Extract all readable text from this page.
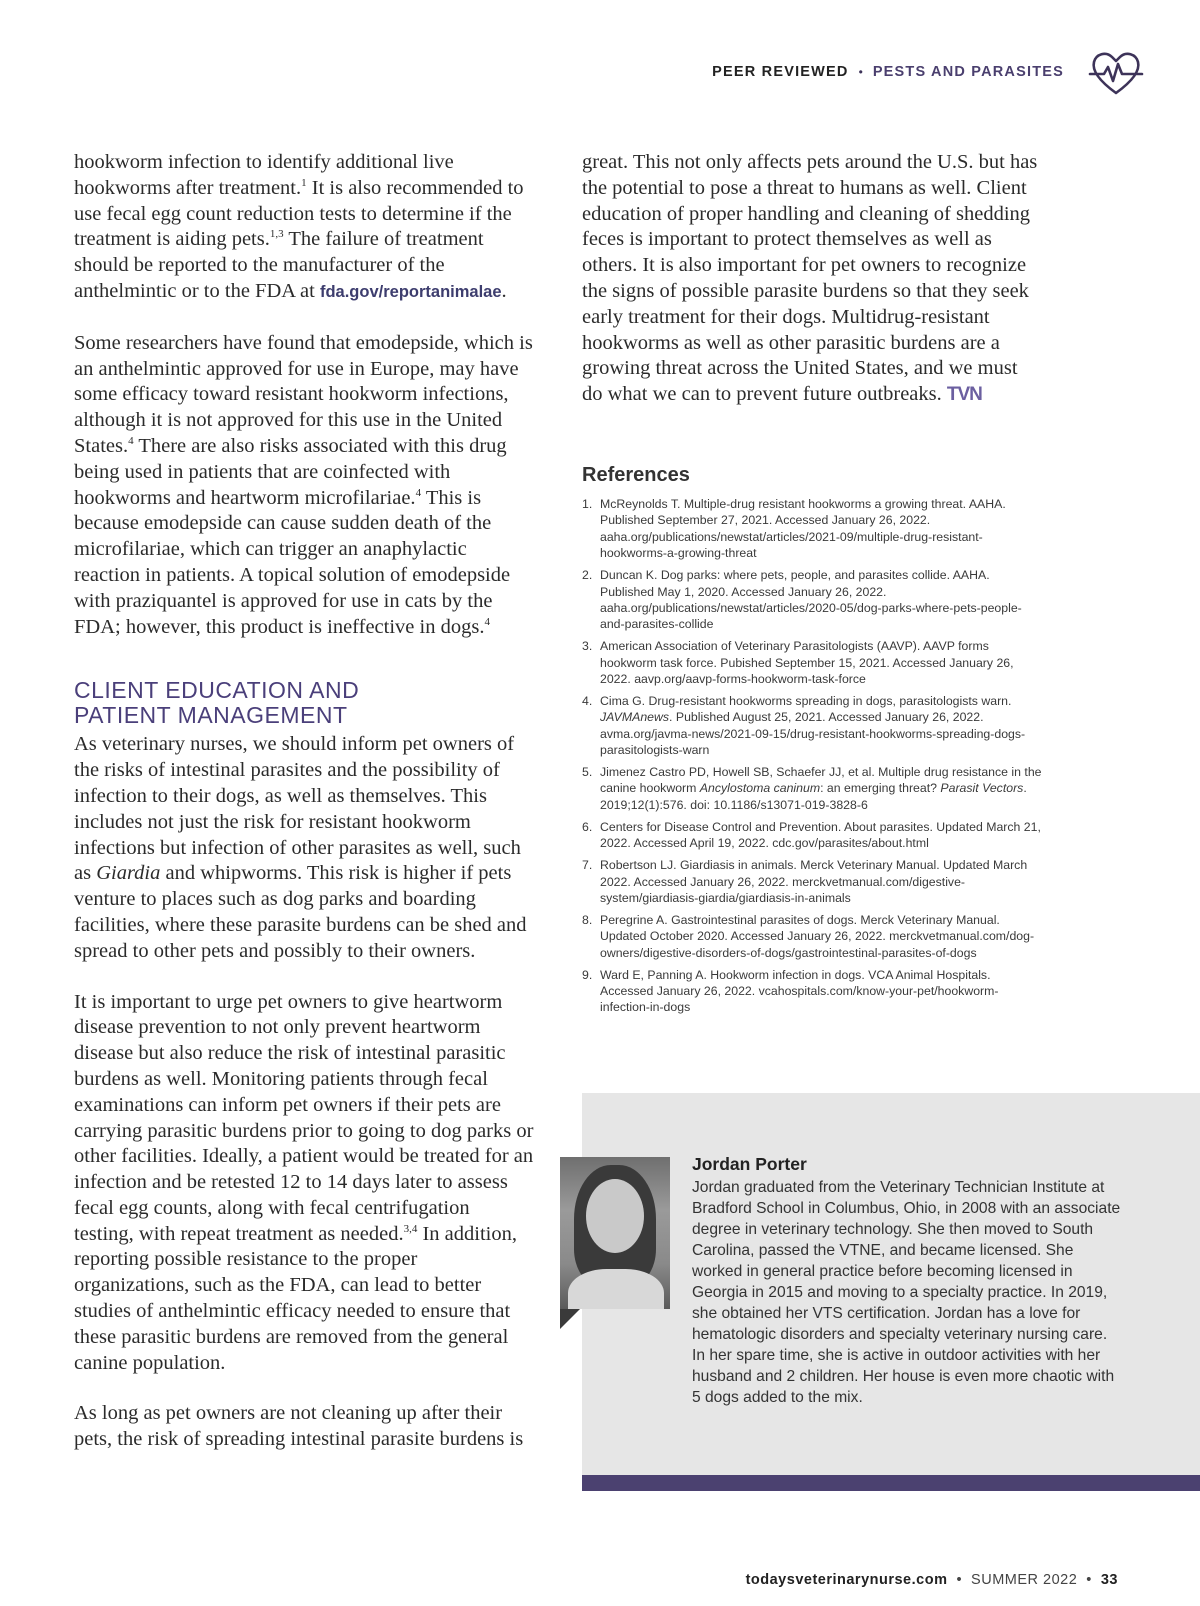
PEER REVIEWED • PESTS AND PARASITES

hookworm infection to identify additional live hookworms after treatment.$^1$ It is also recommended to use fecal egg count reduction tests to determine if the treatment is aiding pets.$^{1,3}$ The failure of treatment should be reported to the manufacturer of the anthelmintic or to the FDA at fda.gov/reportanimalae.

Some researchers have found that emodepside, which is an anthelmintic approved for use in Europe, may have some efficacy toward resistant hookworm infections, although it is not approved for this use in the United States.$^4$ There are also risks associated with this drug being used in patients that are coinfected with hookworms and heartworm microfilariae.$^4$ This is because emodepside can cause sudden death of the microfilariae, which can trigger an anaphylactic reaction in patients. A topical solution of emodepside with praziquantel is approved for use in cats by the FDA; however, this product is ineffective in dogs.$^4$

CLIENT EDUCATION AND
PATIENT MANAGEMENT

As veterinary nurses, we should inform pet owners of the risks of intestinal parasites and the possibility of infection to their dogs, as well as themselves. This includes not just the risk for resistant hookworm infections but infection of other parasites as well, such as Giardia and whipworms. This risk is higher if pets venture to places such as dog parks and boarding facilities, where these parasite burdens can be shed and spread to other pets and possibly to their owners.

It is important to urge pet owners to give heartworm disease prevention to not only prevent heartworm disease but also reduce the risk of intestinal parasitic burdens as well. Monitoring patients through fecal examinations can inform pet owners if their pets are carrying parasitic burdens prior to going to dog parks or other facilities. Ideally, a patient would be treated for an infection and be retested 12 to 14 days later to assess fecal egg counts, along with fecal centrifugation testing, with repeat treatment as needed.$^{3,4}$ In addition, reporting possible resistance to the proper organizations, such as the FDA, can lead to better studies of anthelmintic efficacy needed to ensure that these parasitic burdens are removed from the general canine population.

As long as pet owners are not cleaning up after their pets, the risk of spreading intestinal parasite burdens is

great. This not only affects pets around the U.S. but has the potential to pose a threat to humans as well. Client education of proper handling and cleaning of shedding feces is important to protect themselves as well as others. It is also important for pet owners to recognize the signs of possible parasite burdens so that they seek early treatment for their dogs. Multidrug-resistant hookworms as well as other parasitic burdens are a growing threat across the United States, and we must do what we can to prevent future outbreaks. TVN

References
1. McReynolds T. Multiple-drug resistant hookworms a growing threat. AAHA. Published September 27, 2021. Accessed January 26, 2022. aaha.org/publications/newstat/articles/2021-09/multiple-drug-resistant-hookworms-a-growing-threat
2. Duncan K. Dog parks: where pets, people, and parasites collide. AAHA. Published May 1, 2020. Accessed January 26, 2022. aaha.org/publications/newstat/articles/2020-05/dog-parks-where-pets-people-and-parasites-collide
3. American Association of Veterinary Parasitologists (AAVP). AAVP forms hookworm task force. Pubished September 15, 2021. Accessed January 26, 2022. aavp.org/aavp-forms-hookworm-task-force
4. Cima G. Drug-resistant hookworms spreading in dogs, parasitologists warn. JAVMAnews. Published August 25, 2021. Accessed January 26, 2022. avma.org/javma-news/2021-09-15/drug-resistant-hookworms-spreading-dogs-parasitologists-warn
5. Jimenez Castro PD, Howell SB, Schaefer JJ, et al. Multiple drug resistance in the canine hookworm Ancylostoma caninum: an emerging threat? Parasit Vectors. 2019;12(1):576. doi: 10.1186/s13071-019-3828-6
6. Centers for Disease Control and Prevention. About parasites. Updated March 21, 2022. Accessed April 19, 2022. cdc.gov/parasites/about.html
7. Robertson LJ. Giardiasis in animals. Merck Veterinary Manual. Updated March 2022. Accessed January 26, 2022. merckvetmanual.com/digestive-system/giardiasis-giardia/giardiasis-in-animals
8. Peregrine A. Gastrointestinal parasites of dogs. Merck Veterinary Manual. Updated October 2020. Accessed January 26, 2022. merckvetmanual.com/dog-owners/digestive-disorders-of-dogs/gastrointestinal-parasites-of-dogs
9. Ward E, Panning A. Hookworm infection in dogs. VCA Animal Hospitals. Accessed January 26, 2022. vcahospitals.com/know-your-pet/hookworm-infection-in-dogs
Jordan Porter
Jordan graduated from the Veterinary Technician Institute at Bradford School in Columbus, Ohio, in 2008 with an associate degree in veterinary technology. She then moved to South Carolina, passed the VTNE, and became licensed. She worked in general practice before becoming licensed in Georgia in 2015 and moving to a specialty practice. In 2019, she obtained her VTS certification. Jordan has a love for hematologic disorders and specialty veterinary nursing care. In her spare time, she is active in outdoor activities with her husband and 2 children. Her house is even more chaotic with 5 dogs added to the mix.
todaysveterinarynurse.com • SUMMER 2022 • 33
